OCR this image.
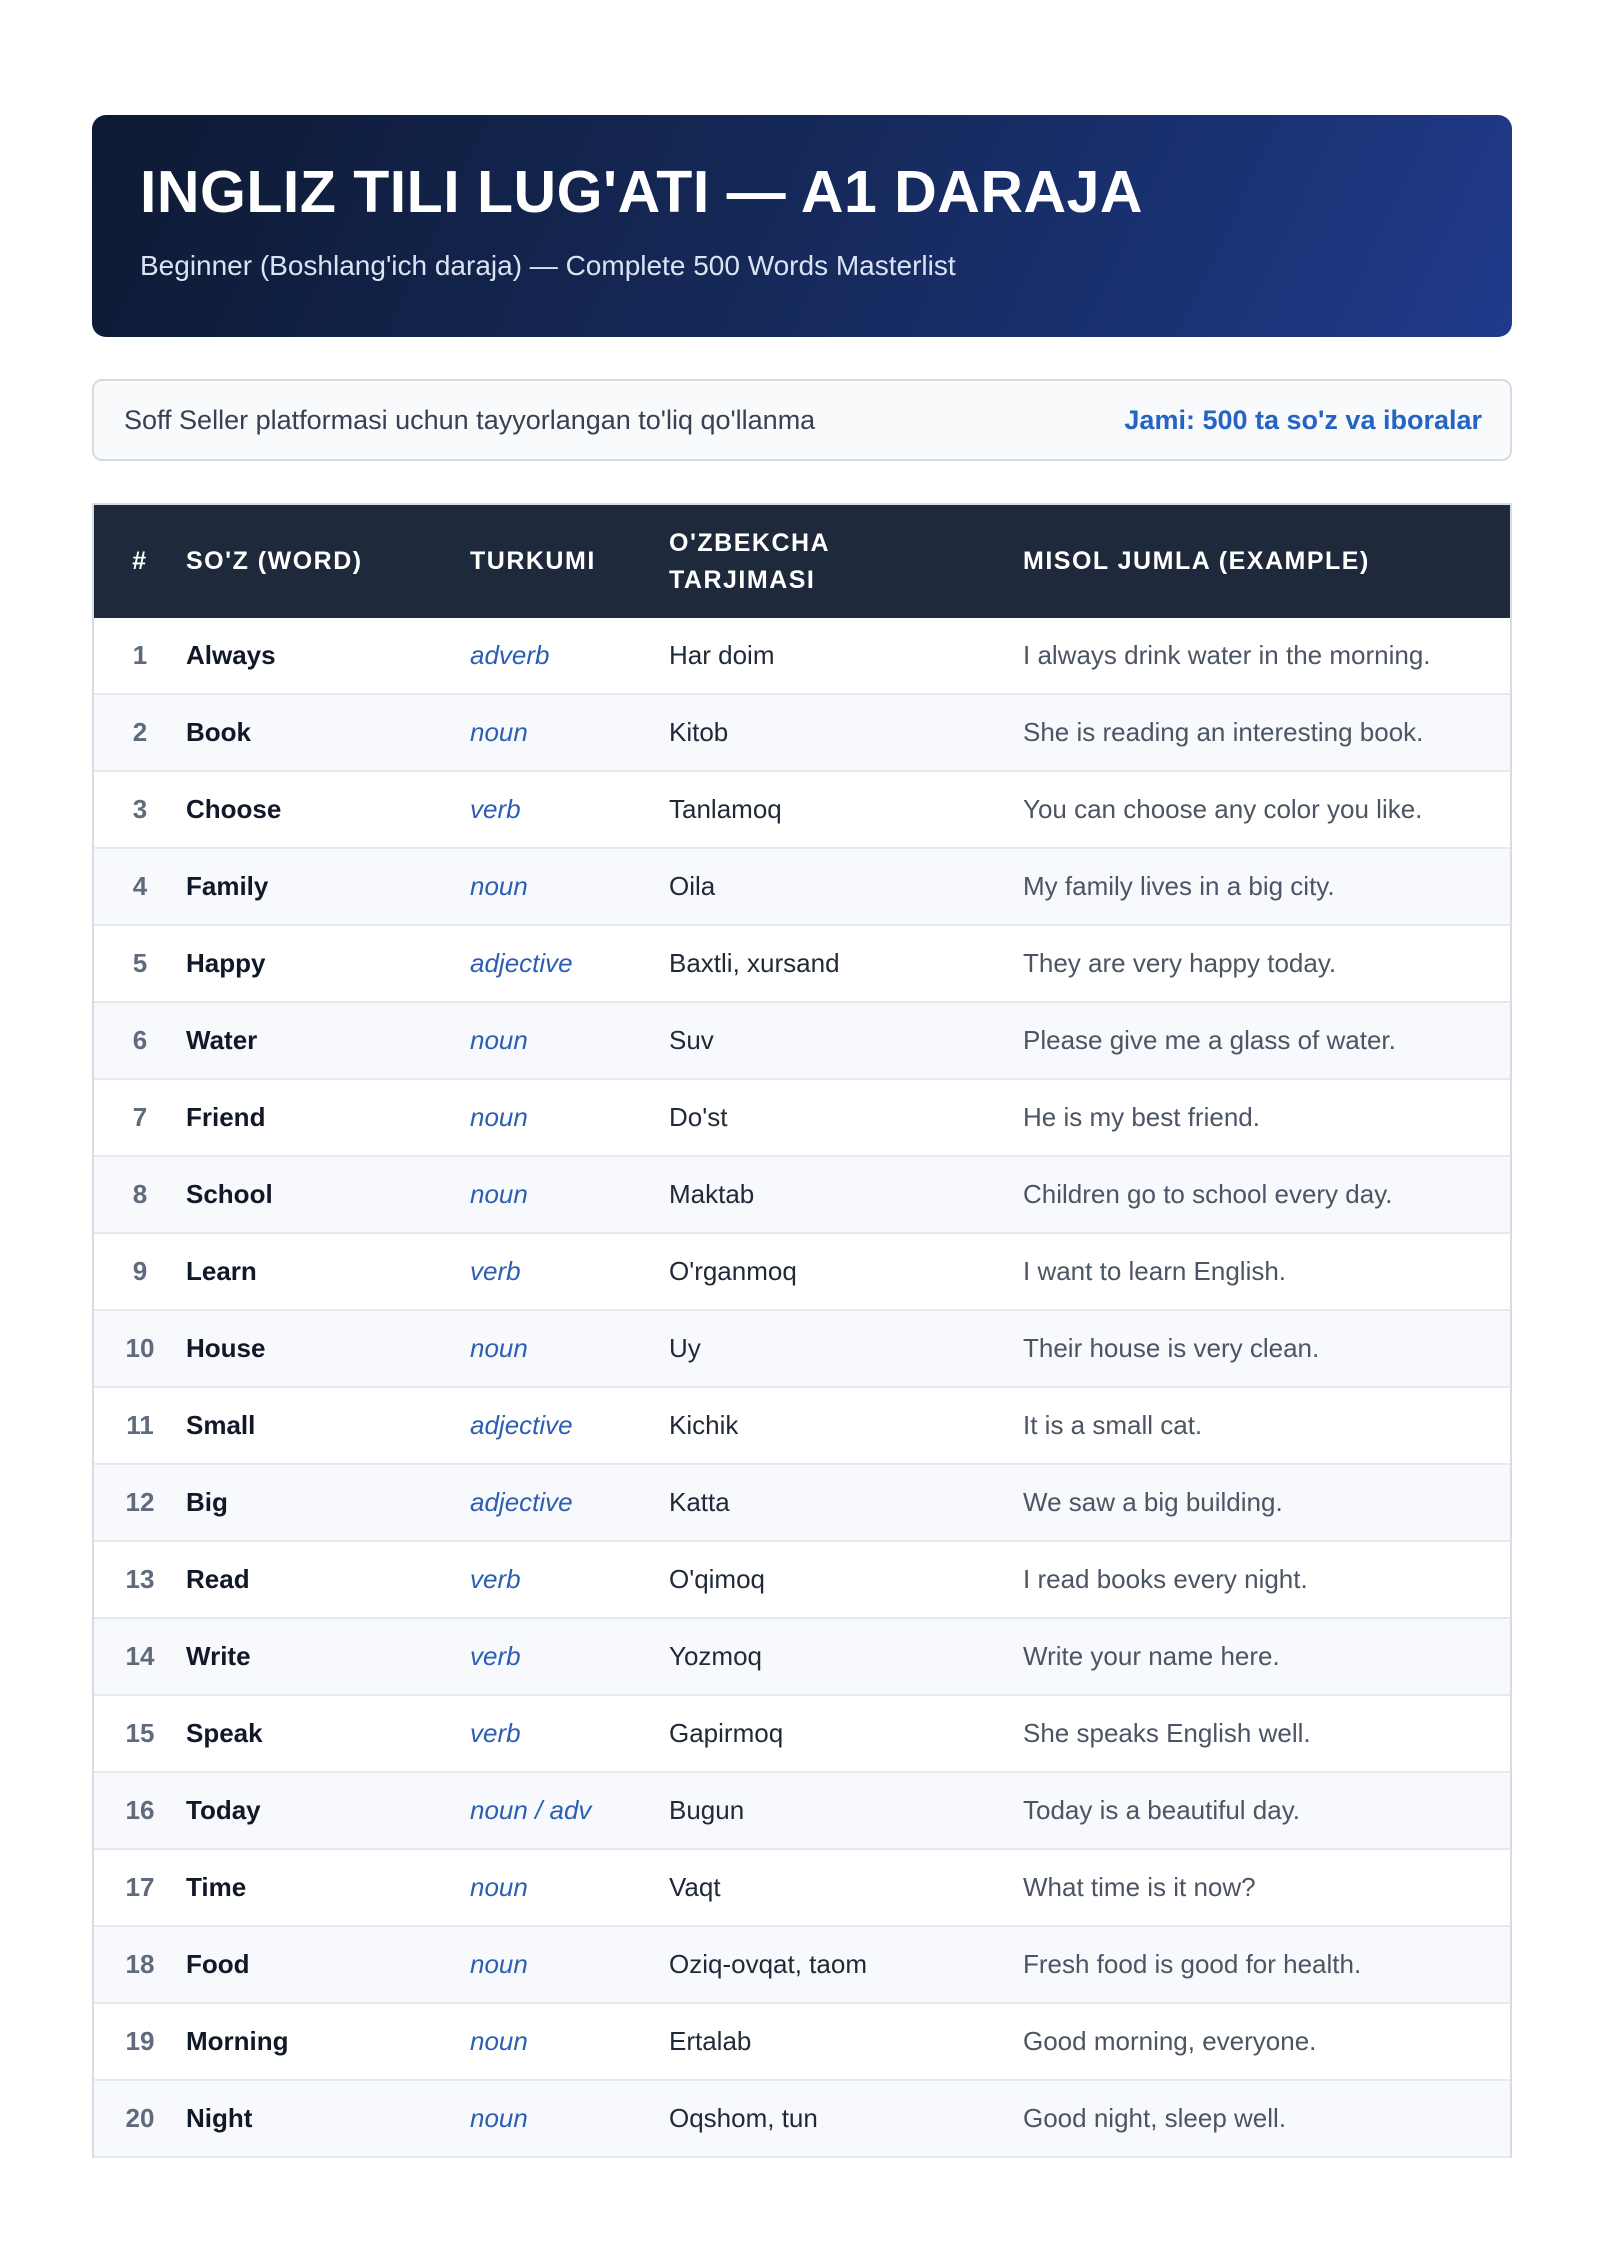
INGLIZ TILI LUG'ATI — A1 DARAJA
Beginner (Boshlang'ich daraja) — Complete 500 Words Masterlist
Soff Seller platformasi uchun tayyorlangan to'liq qo'llanma	Jami: 500 ta so'z va iboralar
#	SO'Z (WORD)	TURKUMI	O'ZBEKCHA TARJIMASI	MISOL JUMLA (EXAMPLE)
1	Always	adverb	Har doim	I always drink water in the morning.
2	Book	noun	Kitob	She is reading an interesting book.
3	Choose	verb	Tanlamoq	You can choose any color you like.
4	Family	noun	Oila	My family lives in a big city.
5	Happy	adjective	Baxtli, xursand	They are very happy today.
6	Water	noun	Suv	Please give me a glass of water.
7	Friend	noun	Do'st	He is my best friend.
8	School	noun	Maktab	Children go to school every day.
9	Learn	verb	O'rganmoq	I want to learn English.
10	House	noun	Uy	Their house is very clean.
11	Small	adjective	Kichik	It is a small cat.
12	Big	adjective	Katta	We saw a big building.
13	Read	verb	O'qimoq	I read books every night.
14	Write	verb	Yozmoq	Write your name here.
15	Speak	verb	Gapirmoq	She speaks English well.
16	Today	noun / adv	Bugun	Today is a beautiful day.
17	Time	noun	Vaqt	What time is it now?
18	Food	noun	Oziq-ovqat, taom	Fresh food is good for health.
19	Morning	noun	Ertalab	Good morning, everyone.
20	Night	noun	Oqshom, tun	Good night, sleep well.
